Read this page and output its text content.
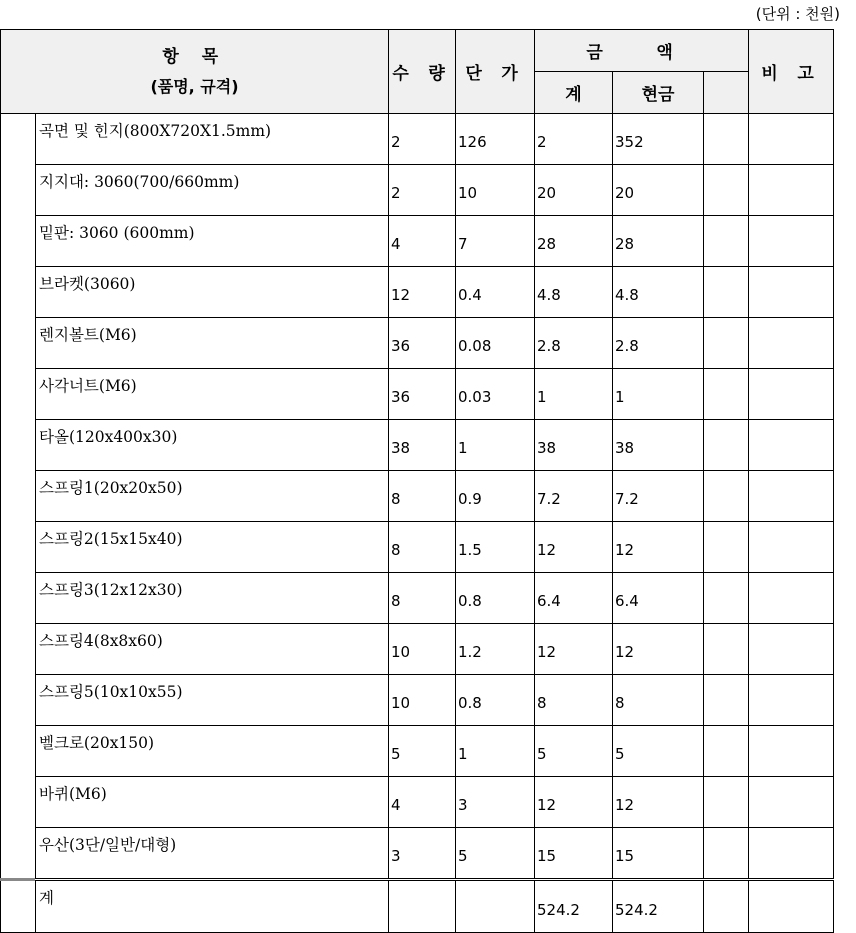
(단위 : 천원)
항 목
(품명, 규격)		수 량	단 가	금 액			비 고
				계	현금		
	곡면 및 힌지(800X720X1.5mm)	2	126	2	352		
	지지대: 3060(700/660mm)	2	10	20	20		
	밑판: 3060 (600mm)	4	7	28	28		
	브라켓(3060)	12	0.4	4.8	4.8		
	렌지볼트(M6)	36	0.08	2.8	2.8		
	사각너트(M6)	36	0.03	1	1		
	타올(120x400x30)	38	1	38	38		
	스프링1(20x20x50)	8	0.9	7.2	7.2		
	스프링2(15x15x40)	8	1.5	12	12		
	스프링3(12x12x30)	8	0.8	6.4	6.4		
	스프링4(8x8x60)	10	1.2	12	12		
	스프링5(10x10x55)	10	0.8	8	8		
	벨크로(20x150)	5	1	5	5		
	바퀴(M6)	4	3	12	12		
	우산(3단/일반/대형)	3	5	15	15		
	계			524.2	524.2		
